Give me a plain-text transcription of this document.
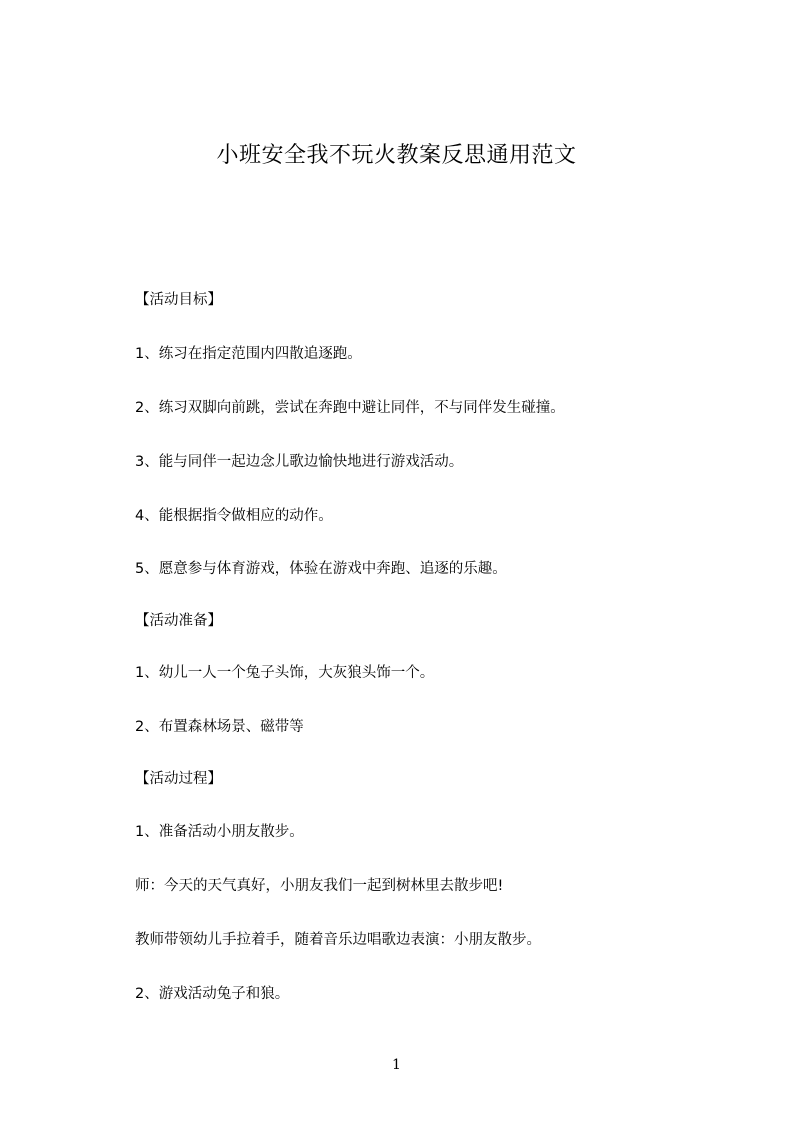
小班安全我不玩火教案反思通用范文
【活动目标】
1、练习在指定范围内四散追逐跑。
2、练习双脚向前跳，尝试在奔跑中避让同伴，不与同伴发生碰撞。
3、能与同伴一起边念儿歌边愉快地进行游戏活动。
4、能根据指令做相应的动作。
5、愿意参与体育游戏，体验在游戏中奔跑、追逐的乐趣。
【活动准备】
1、幼儿一人一个兔子头饰，大灰狼头饰一个。
2、布置森林场景、磁带等
【活动过程】
1、准备活动小朋友散步。
师：今天的天气真好，小朋友我们一起到树林里去散步吧!
教师带领幼儿手拉着手，随着音乐边唱歌边表演：小朋友散步。
2、游戏活动兔子和狼。
1
